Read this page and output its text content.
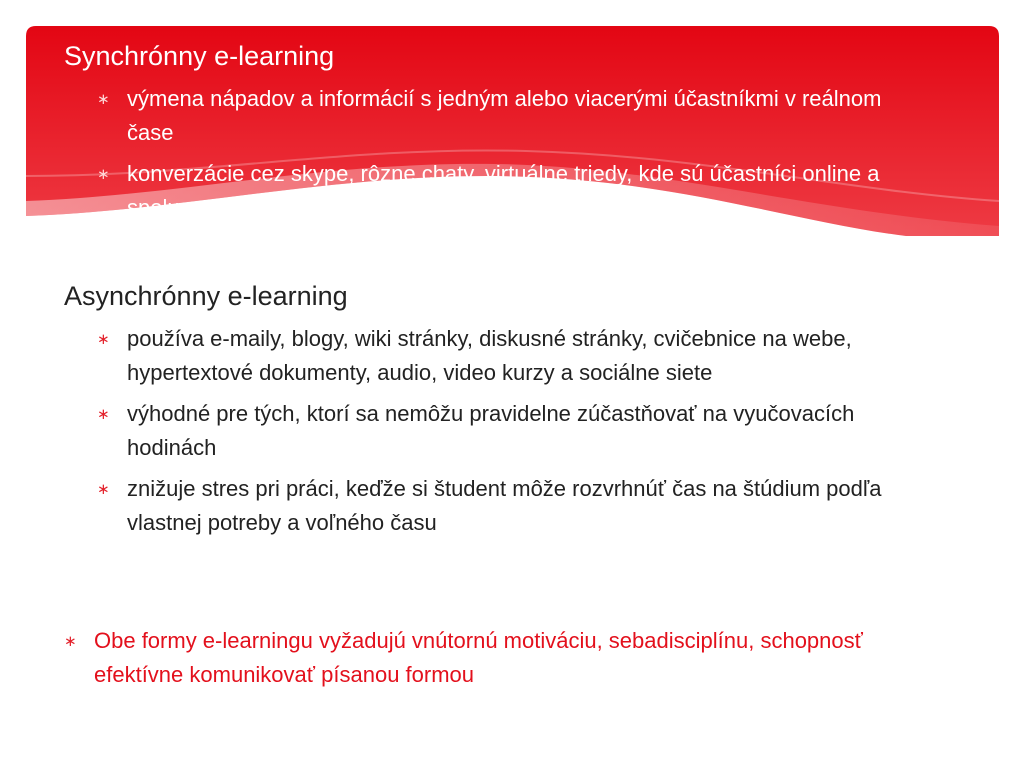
Synchrónny e-learning
∗ výmena nápadov a informácií s jedným alebo viacerými účastníkmi v reálnom čase
∗ konverzácie cez skype, rôzne chaty, virtuálne triedy, kde sú účastníci online a spolupracujú v reálnom čase
Asynchrónny e-learning
∗ používa e-maily, blogy, wiki stránky, diskusné stránky, cvičebnice na webe, hypertextové dokumenty, audio, video kurzy a sociálne siete
∗ výhodné pre tých, ktorí sa nemôžu pravidelne zúčastňovať na vyučovacích hodinách
∗ znižuje stres pri práci, keďže si študent môže rozvrhnúť čas na štúdium podľa vlastnej potreby a voľného času
∗ Obe formy e-learningu vyžadujú vnútornú motiváciu, sebadisciplínu, schopnosť efektívne komunikovať písanou formou
